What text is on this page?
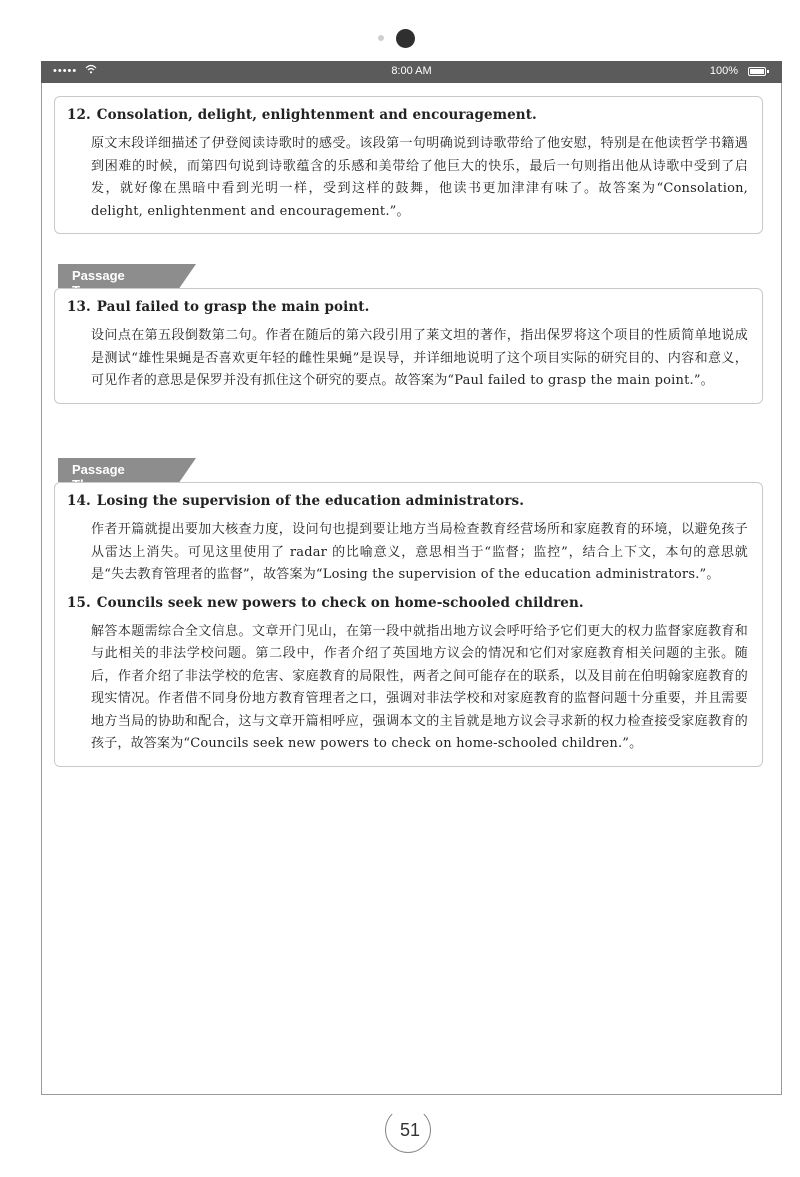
•••••	8:00 AM	100%
12. Consolation, delight, enlightenment and encouragement.
原文末段详细描述了伊登阅读诗歌时的感受。该段第一句明确说到诗歌带给了他安慰，特别是在他读哲学书籍遇到困难的时候，而第四句说到诗歌蕴含的乐感和美带给了他巨大的快乐，最后一句则指出他从诗歌中受到了启发，就好像在黑暗中看到光明一样，受到这样的鼓舞，他读书更加津津有味了。故答案为“Consolation, delight, enlightenment and encouragement.”。
Passage
13. Paul failed to grasp the main point.
设问点在第五段倒数第二句。作者在随后的第六段引用了莱文坦的著作，指出保罗将这个项目的性质简单地说成是测试“雄性果蝇是否喜欢更年轻的雌性果蝇”是误导，并详细地说明了这个项目实际的研究目的、内容和意义，可见作者的意思是保罗并没有抓住这个研究的要点。故答案为“Paul failed to grasp the main point.”。
Passage
14. Losing the supervision of the education administrators.
作者开篇就提出要加大核查力度，设问句也提到要让地方当局检查教育经营场所和家庭教育的环境，以避免孩子从雷达上消失。可见这里使用了 radar 的比喻意义，意思相当于“监督；监控”，结合上下文，本句的意思就是“失去教育管理者的监督”，故答案为“Losing the supervision of the education administrators.”。
15. Councils seek new powers to check on home-schooled children.
解答本题需综合全文信息。文章开门见山，在第一段中就指出地方议会呼吁给予它们更大的权力监督家庭教育和与此相关的非法学校问题。第二段中，作者介绍了英国地方议会的情况和它们对家庭教育相关问题的主张。随后，作者介绍了非法学校的危害、家庭教育的局限性，两者之间可能存在的联系，以及目前在伯明翰家庭教育的现实情况。作者借不同身份地方教育管理者之口，强调对非法学校和对家庭教育的监督问题十分重要，并且需要地方当局的协助和配合，这与文章开篇相呼应，强调本文的主旨就是地方议会寻求新的权力检查接受家庭教育的孩子，故答案为“Councils seek new powers to check on home-schooled children.”。
51
